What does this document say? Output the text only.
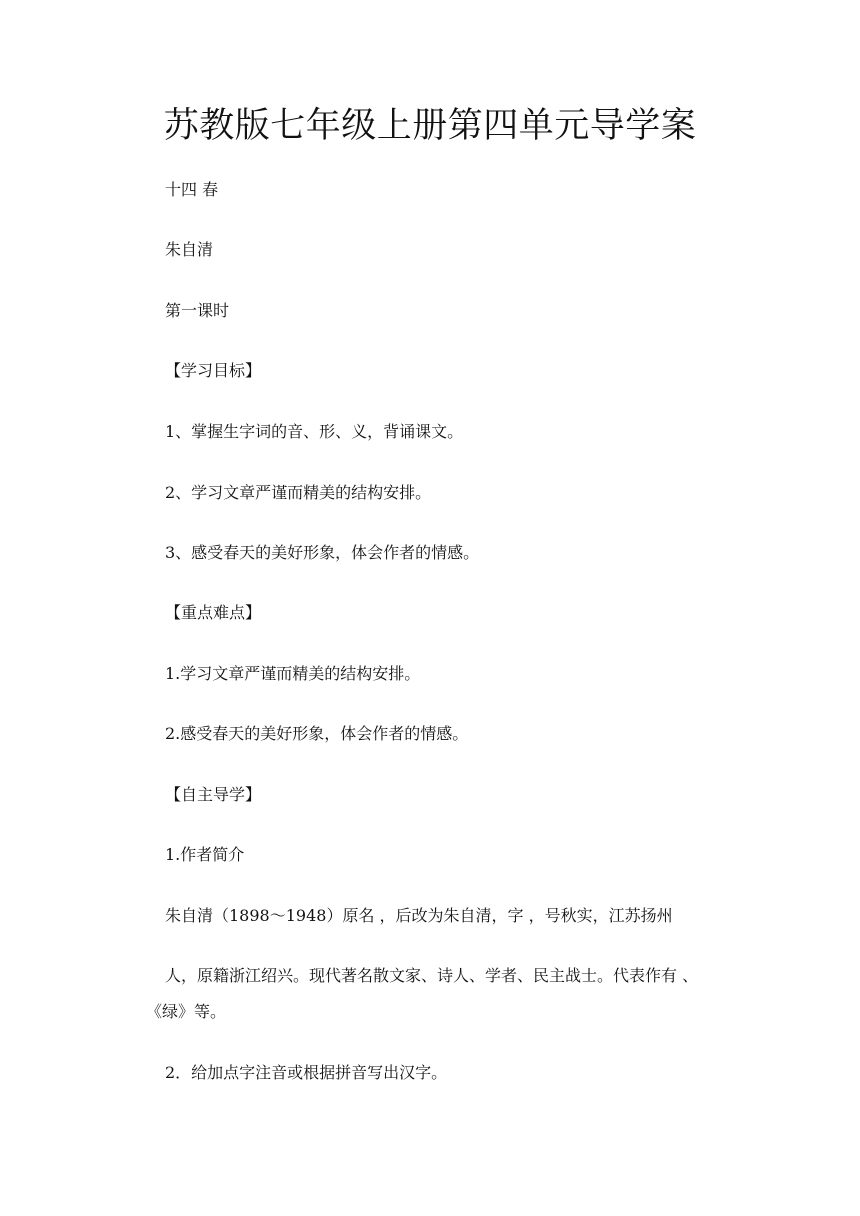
苏教版七年级上册第四单元导学案
十四 春
朱自清
第一课时
【学习目标】
1、掌握生字词的音、形、义，背诵课文。
2、学习文章严谨而精美的结构安排。
3、感受春天的美好形象，体会作者的情感。
【重点难点】
1.学习文章严谨而精美的结构安排。
2.感受春天的美好形象，体会作者的情感。
【自主导学】
1.作者简介
朱自清（1898～1948）原名 ，后改为朱自清，字 ，号秋实，江苏扬州
人，原籍浙江绍兴。现代著名散文家、诗人、学者、民主战士。代表作有 、
《绿》等。
2．给加点字注音或根据拼音写出汉字。
